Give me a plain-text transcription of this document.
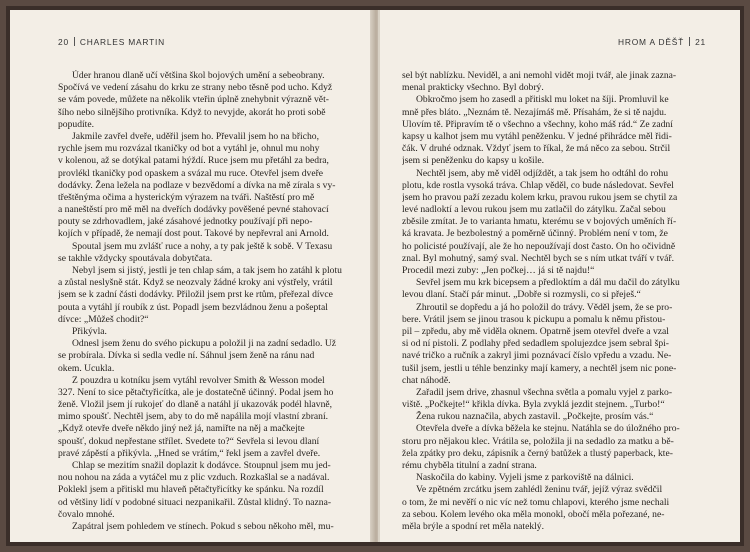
20 CHARLES MARTIN
Úder hranou dlaně učí většina škol bojových umění a sebeobrany.
Spočívá ve vedení zásahu do krku ze strany nebo těsně pod ucho. Když
se vám povede, můžete na několik vteřin úplně znehybnit výrazně vět-
šího nebo silnějšího protivníka. Když to nevyjde, akorát ho proti sobě
popudíte.
Jakmile zavřel dveře, uděřil jsem ho. Převalil jsem ho na břicho,
rychle jsem mu rozvázal tkaničky od bot a vytáhl je, ohnul mu nohy
v kolenou, až se dotýkal patami hýždí. Ruce jsem mu přetáhl za bedra,
provlékl tkaničky pod opaskem a svázal mu ruce. Otevřel jsem dveře
dodávky. Žena ležela na podlaze v bezvědomí a dívka na mě zírala s vy-
třeštěnýma očima a hysterickým výrazem na tváři. Naštěstí pro mě
a naneštěstí pro mě měl na dveřích dodávky pověšené pevné stahovací
pouty se zdrhovadlem, jaké zásahové jednotky používají při nepo-
kojích v případě, že nemají dost pout. Takové by nepřevral ani Arnold.
Spoutal jsem mu zvlášť ruce a nohy, a ty pak ještě k sobě. V Texasu
se takhle vždycky spoutávala dobytčata.
Nebyl jsem si jistý, jestli je ten chlap sám, a tak jsem ho zatáhl k plotu
a zůstal neslyšně stát. Když se neozvaly žádné kroky ani výstřely, vrátil
jsem se k zadní části dodávky. Přiložil jsem prst ke rtům, přeřezal dívce
pouta a vytáhl jí roubík z úst. Popadl jsem bezvládnou ženu a pošeptal
dívce: „Můžeš chodit?“
Přikývla.
Odnesl jsem ženu do svého pickupu a položil ji na zadní sedadlo. Už
se probírala. Dívka si sedla vedle ní. Sáhnul jsem ženě na ránu nad
okem. Ucukla.
Z pouzdra u kotníku jsem vytáhl revolver Smith & Wesson model
327. Není to sice pětačtyřicítka, ale je dostatečně účinný. Podal jsem ho
ženě. Vložil jsem jí rukojeť do dlaně a natáhl jí ukazovák podél hlavně,
mimo spoušť. Nechtěl jsem, aby to do mě napálila mojí vlastní zbraní.
„Když otevře dveře někdo jiný než já, namiřte na něj a mačkejte
spoušť, dokud nepřestane střílet. Svedete to?“ Sevřela si levou dlaní
pravé zápěstí a přikývla. „Hned se vrátím,“ řekl jsem a zavřel dveře.
Chlap se mezitím snažil doplazit k dodávce. Stoupnul jsem mu jed-
nou nohou na záda a vytáčel mu z plic vzduch. Rozkašlal se a nadával.
Poklekl jsem a přitiskl mu hlaveň pětačtyřicítky ke spánku. Na rozdíl
od většiny lidí v podobné situaci nezpanikařil. Zůstal klidný. To nazna-
čovalo mnohé.
Zapátral jsem pohledem ve stínech. Pokud s sebou někoho měl, mu-
HROM A DĚŠŤ 21
sel být nablízku. Neviděl, a ani nemohl vidět moji tvář, ale jinak zazna-
menal prakticky všechno. Byl dobrý.
Obkročmo jsem ho zasedl a přitiskl mu loket na šíji. Promluvil ke
mně přes bláto. „Neznám tě. Nezajímáš mě. Přísahám, že si tě najdu.
Ulovím tě. Připravím tě o všechno a všechny, koho máš rád.“ Ze zadní
kapsy u kalhot jsem mu vytáhl peněženku. V jedné přihrádce měl řidi-
čák. V druhé odznak. Vždyť jsem to říkal, že má něco za sebou. Strčil
jsem si peněženku do kapsy u košile.
Nechtěl jsem, aby mě viděl odjíždět, a tak jsem ho odtáhl do rohu
plotu, kde rostla vysoká tráva. Chlap věděl, co bude následovat. Sevřel
jsem ho pravou paží zezadu kolem krku, pravou rukou jsem se chytil za
levé nadloktí a levou rukou jsem mu zatlačil do zátylku. Začal sebou
zběsile zmítat. Je to varianta hmatu, kterému se v bojových uměních ří-
ká kravata. Je bezbolestný a poměrně účinný. Problém není v tom, že
ho policisté používají, ale že ho nepoužívají dost často. On ho očividně
znal. Byl mohutný, samý sval. Nechtěl bych se s ním utkat tváří v tvář.
Procedil mezi zuby: „Jen počkej… já si tě najdu!“
Sevřel jsem mu krk bicepsem a předloktím a dál mu dačil do zátylku
levou dlaní. Stačí pár minut. „Dobře si rozmysli, co si přeješ.“
Zhroutil se dopředu a já ho položil do trávy. Věděl jsem, že se pro-
bere. Vrátil jsem se jinou trasou k pickupu a pomalu k němu přistou-
pil – zpředu, aby mě viděla oknem. Opatrně jsem otevřel dveře a vzal
si od ní pistoli. Z podlahy před sedadlem spolujezdce jsem sebral špi-
navé tričko a ručník a zakryl jimi poznávací číslo vpředu a vzadu. Ne-
tušil jsem, jestli u téhle benzinky mají kamery, a nechtěl jsem nic pone-
chat náhodě.
Zařadil jsem drive, zhasnul všechna světla a pomalu vyjel z parko-
viště. „Počkejte!“ křikla dívka. Byla zvyklá jezdit stejnem. „Turbo!“
Žena rukou naznačila, abych zastavil. „Počkejte, prosím vás.“
Otevřela dveře a dívka běžela ke stejnu. Natáhla se do úložného pro-
storu pro nějakou klec. Vrátila se, položila ji na sedadlo za matku a bě-
žela zpátky pro deku, zápisník a černý batůžek a tlustý paperback, kte-
rému chyběla titulní a zadní strana.
Naskočila do kabiny. Vyjeli jsme z parkoviště na dálnici.
Ve zpětném zrcátku jsem zahlédl ženinu tvář, jejíž výraz svědčil
o tom, že mi nevěří o nic víc než tomu chlapovi, kterého jsme nechali
za sebou. Kolem levého oka měla monokl, obočí měla pořezané, ne-
měla brýle a spodní ret měla nateklý.
